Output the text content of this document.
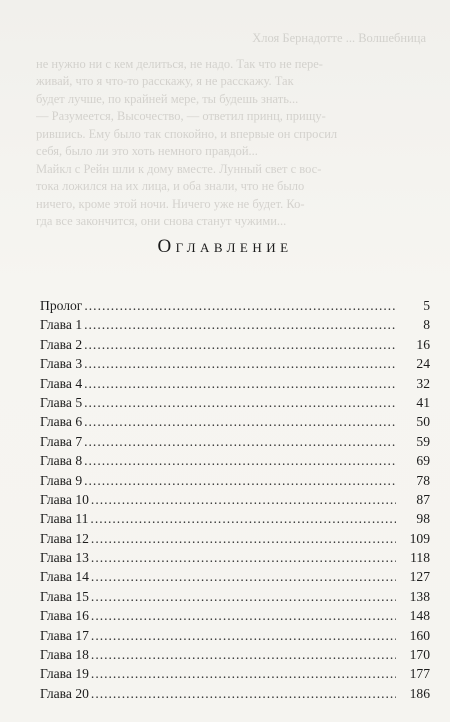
Хлоя Бернадотте ... Волшебница
не нужно ни с кем делиться, не надо. Так что не пере-
живай, что я что-то расскажу, я не расскажу. Так
будет лучше, по крайней мере, ты будешь знать...
— Разумеется, Высочество, — ответил принц, прищу-
рившись. Ему было так спокойно, и впервые он спросил
себя, было ли это хоть немного правдой...
Майкл с Рейн шли к дому вместе. Лунный свет с вос-
тока ложился на их лица, и оба знали, что не было
ничего, кроме этой ночи. Ничего уже не будет. Ко-
гда все закончится, они снова станут чужими...
Оглавление
Пролог . . .	5
Глава 1 . . .	8
Глава 2 . . .	16
Глава 3 . . .	24
Глава 4 . . .	32
Глава 5 . . .	41
Глава 6 . . .	50
Глава 7 . . .	59
Глава 8 . . .	69
Глава 9 . . .	78
Глава 10 . . .	87
Глава 11 . . .	98
Глава 12 . . .	109
Глава 13 . . .	118
Глава 14 . . .	127
Глава 15 . . .	138
Глава 16 . . .	148
Глава 17 . . .	160
Глава 18 . . .	170
Глава 19 . . .	177
Глава 20 . . .	186
